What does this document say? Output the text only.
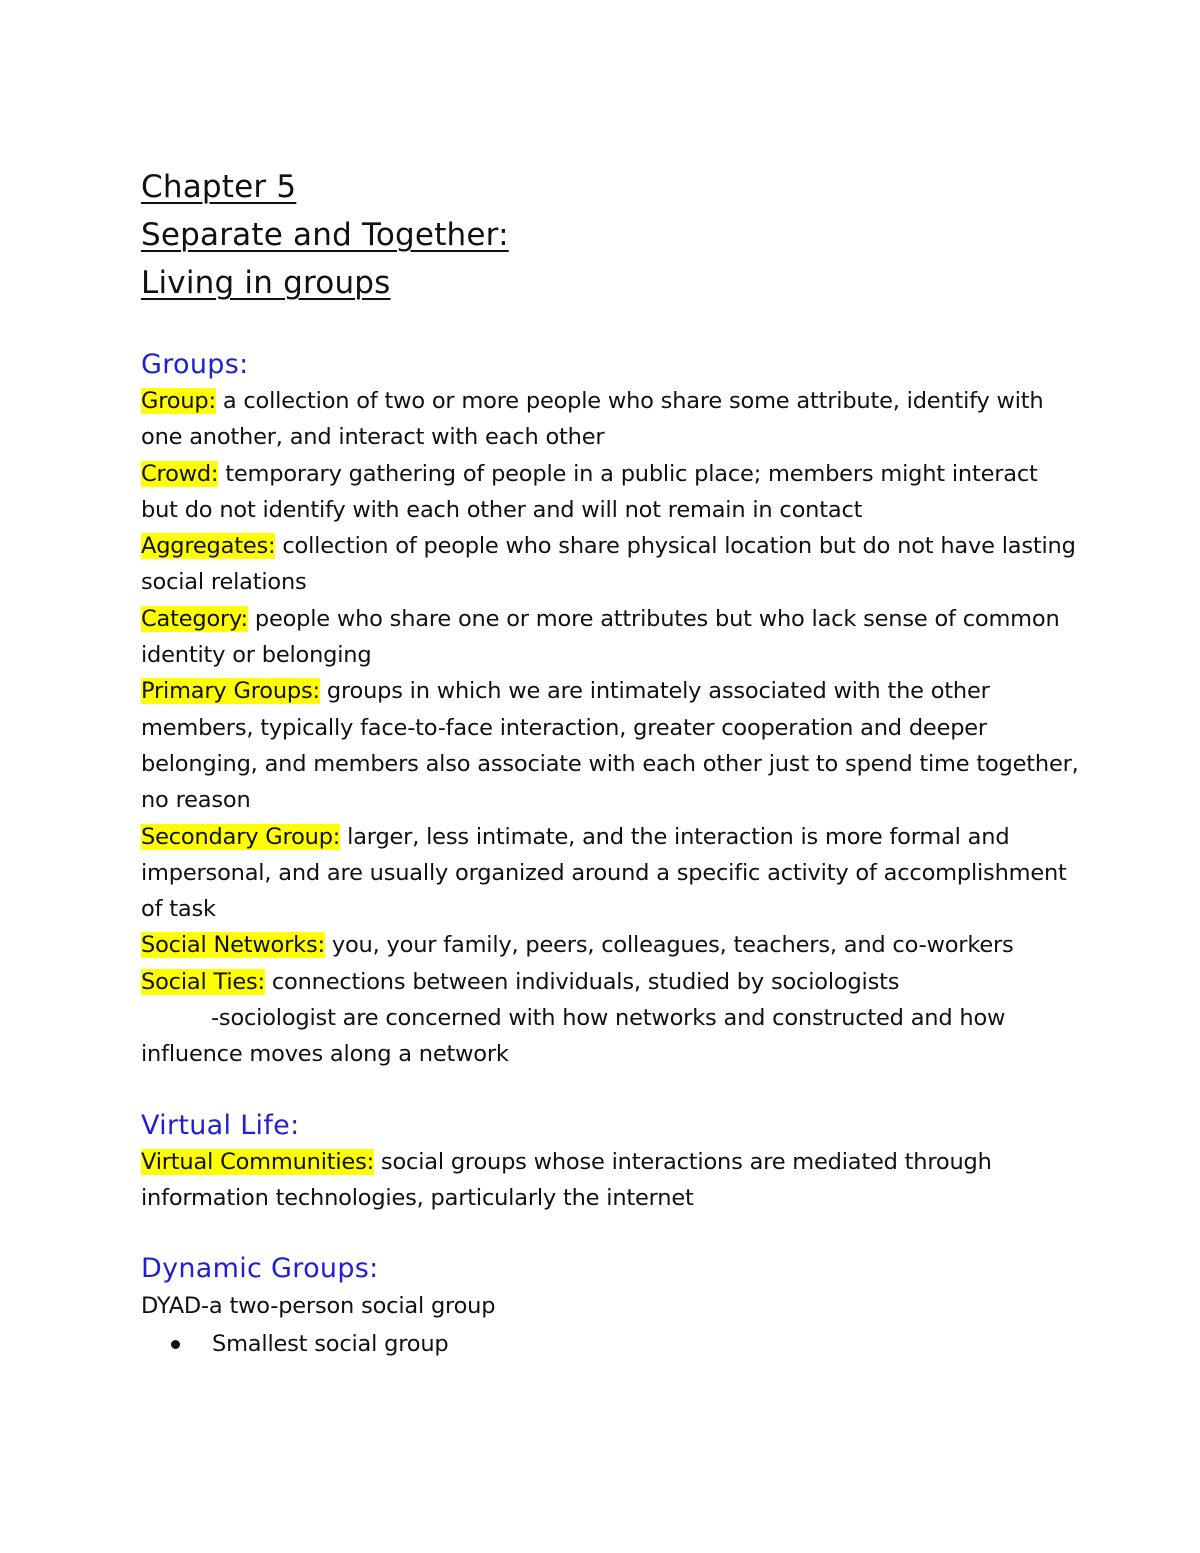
Chapter 5
Separate and Together:
Living in groups
Groups:
Group: a collection of two or more people who share some attribute, identify with one another, and interact with each other
Crowd: temporary gathering of people in a public place; members might interact but do not identify with each other and will not remain in contact
Aggregates: collection of people who share physical location but do not have lasting social relations
Category: people who share one or more attributes but who lack sense of common identity or belonging
Primary Groups: groups in which we are intimately associated with the other members, typically face-to-face interaction, greater cooperation and deeper belonging, and members also associate with each other just to spend time together, no reason
Secondary Group: larger, less intimate, and the interaction is more formal and impersonal, and are usually organized around a specific activity of accomplishment of task
Social Networks: you, your family, peers, colleagues, teachers, and co-workers
Social Ties: connections between individuals, studied by sociologists
-sociologist are concerned with how networks and constructed and how influence moves along a network
Virtual Life:
Virtual Communities: social groups whose interactions are mediated through information technologies, particularly the internet
Dynamic Groups:
DYAD-a two-person social group
Smallest social group
